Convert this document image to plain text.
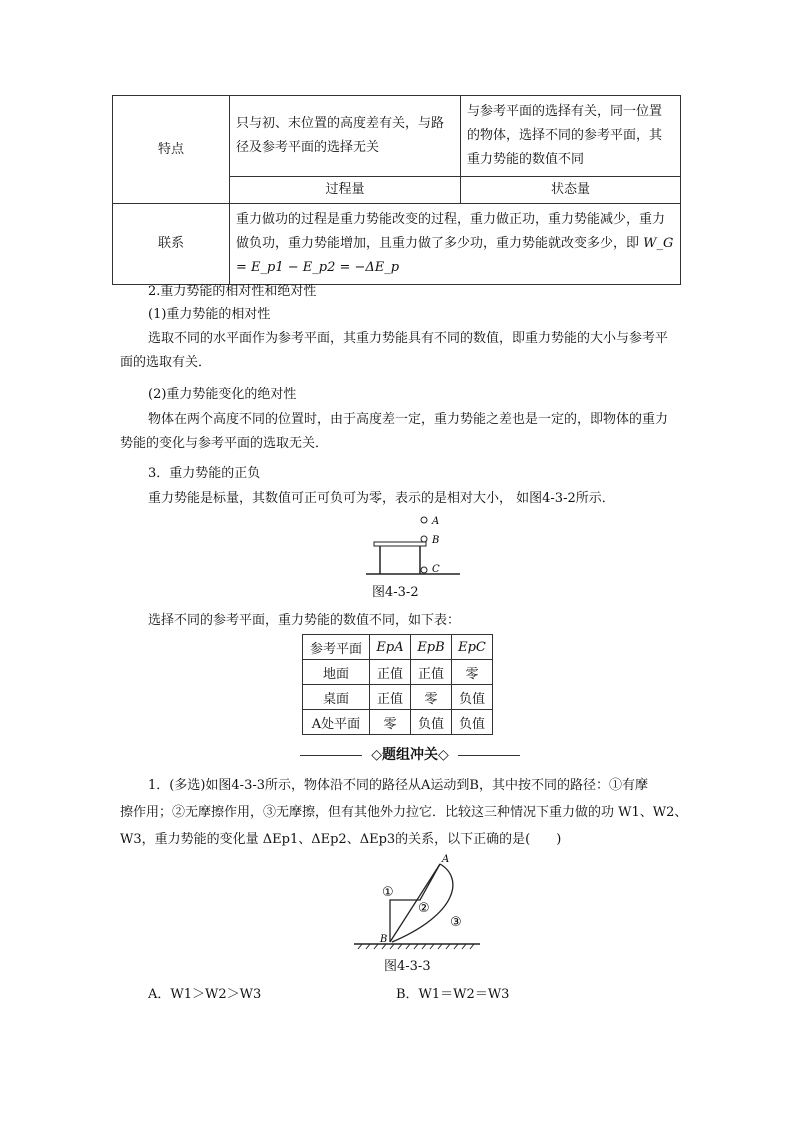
特点	只与初、末位置的高度差有关，与路径及参考平面的选择无关	与参考平面的选择有关，同一位置的物体，选择不同的参考平面，其重力势能的数值不同
	过程量	状态量
联系	重力做功的过程是重力势能改变的过程，重力做正功，重力势能减少，重力做负功，重力势能增加，且重力做了多少功，重力势能就改变多少，即 W_G = E_p1 − E_p2 = −ΔE_p	
2.重力势能的相对性和绝对性
(1)重力势能的相对性
选取不同的水平面作为参考平面，其重力势能具有不同的数值，即重力势能的大小与参考平面的选取有关．
(2)重力势能变化的绝对性
物体在两个高度不同的位置时，由于高度差一定，重力势能之差也是一定的，即物体的重力势能的变化与参考平面的选取无关．
3．重力势能的正负
重力势能是标量，其数值可正可负可为零，表示的是相对大小， 如图4-3-2所示．
A
B
C
图4-3-2
选择不同的参考平面，重力势能的数值不同，如下表：
参考平面	EpA	EpB	EpC
地面	正值	正值	零
桌面	正值	零	负值
A处平面	零	负值	负值
◇题组冲关◇
1．(多选)如图4-3-3所示，物体沿不同的路径从A运动到B，其中按不同的路径：①有摩
擦作用；②无摩擦作用，③无摩擦，但有其他外力拉它．比较这三种情况下重力做的功 W1、W2、
W3，重力势能的变化量 ΔEp1、ΔEp2、ΔEp3的关系，以下正确的是(　　)
A
B
①
②
③
图4-3-3
A．W1＞W2＞W3	B．W1＝W2＝W3
